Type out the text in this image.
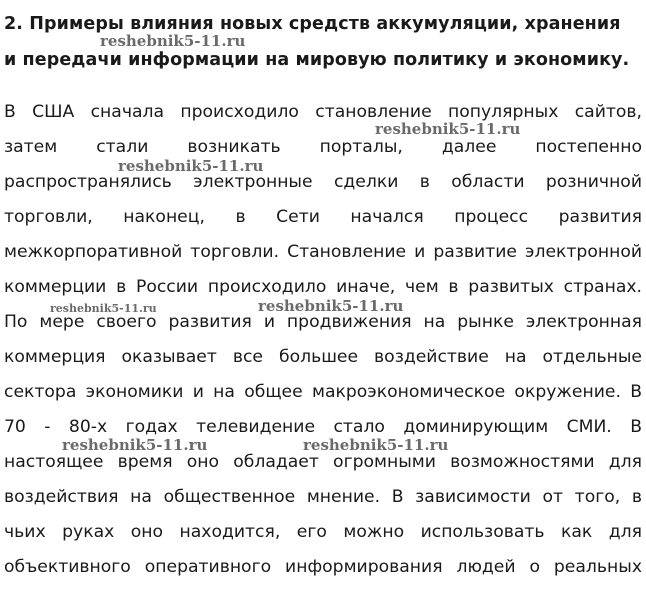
2. Примеры влияния новых средств аккумуляции, хранения
и передачи информации на мировую политику и экономику.
В США сначала происходило становление популярных сайтов,
затем стали возникать порталы, далее постепенно
распространялись электронные сделки в области розничной
торговли, наконец, в Сети начался процесс развития
межкорпоративной торговли. Становление и развитие электронной
коммерции в России происходило иначе, чем в развитых странах.
По мере своего развития и продвижения на рынке электронная
коммерция оказывает все большее воздействие на отдельные
сектора экономики и на общее макроэкономическое окружение. В
70 - 80-х годах телевидение стало доминирующим СМИ. В
настоящее время оно обладает огромными возможностями для
воздействия на общественное мнение. В зависимости от того, в
чьих руках оно находится, его можно использовать как для
объективного оперативного информирования людей о реальных
reshebnik5-11.ru
reshebnik5-11.ru
reshebnik5-11.ru
reshebnik5-11.ru	reshebnik5-11.ru
reshebnik5-11.ru	reshebnik5-11.ru
